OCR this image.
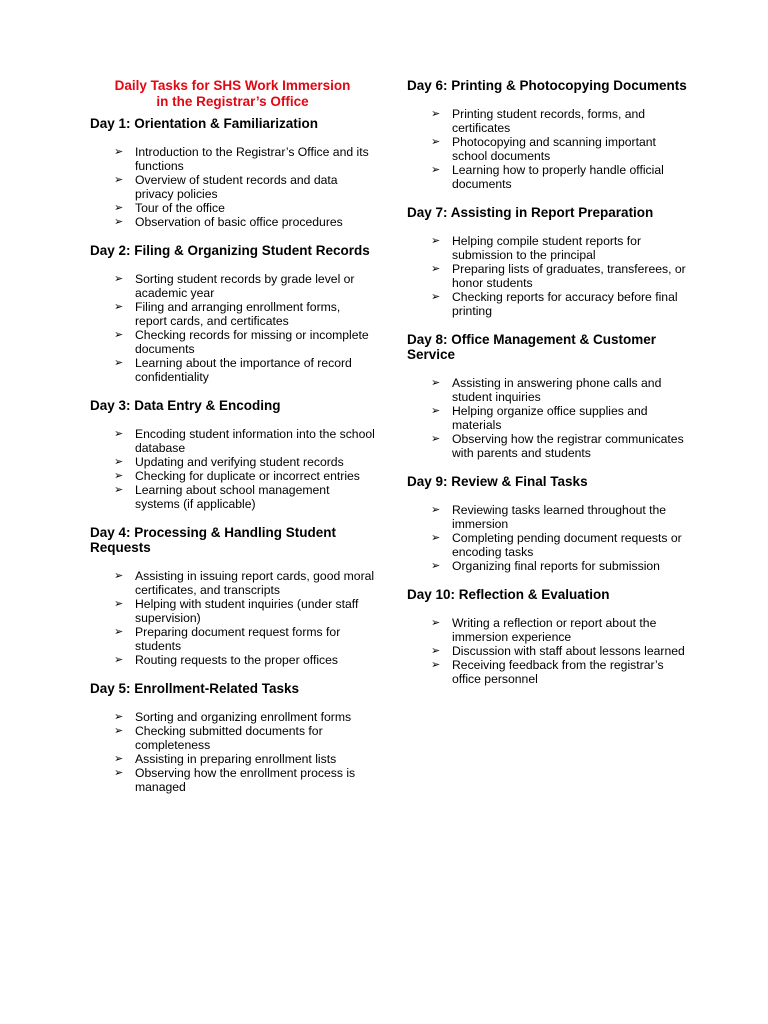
Daily Tasks for SHS Work Immersion
in the Registrar’s Office
Day 1: Orientation & Familiarization
➢ Introduction to the Registrar’s Office and its functions
➢ Overview of student records and data privacy policies
➢ Tour of the office
➢ Observation of basic office procedures
Day 2: Filing & Organizing Student Records
➢ Sorting student records by grade level or academic year
➢ Filing and arranging enrollment forms, report cards, and certificates
➢ Checking records for missing or incomplete documents
➢ Learning about the importance of record confidentiality
Day 3: Data Entry & Encoding
➢ Encoding student information into the school database
➢ Updating and verifying student records
➢ Checking for duplicate or incorrect entries
➢ Learning about school management systems (if applicable)
Day 4: Processing & Handling Student Requests
➢ Assisting in issuing report cards, good moral certificates, and transcripts
➢ Helping with student inquiries (under staff supervision)
➢ Preparing document request forms for students
➢ Routing requests to the proper offices
Day 5: Enrollment-Related Tasks
➢ Sorting and organizing enrollment forms
➢ Checking submitted documents for completeness
➢ Assisting in preparing enrollment lists
➢ Observing how the enrollment process is managed
Day 6: Printing & Photocopying Documents
➢ Printing student records, forms, and certificates
➢ Photocopying and scanning important school documents
➢ Learning how to properly handle official documents
Day 7: Assisting in Report Preparation
➢ Helping compile student reports for submission to the principal
➢ Preparing lists of graduates, transferees, or honor students
➢ Checking reports for accuracy before final printing
Day 8: Office Management & Customer Service
➢ Assisting in answering phone calls and student inquiries
➢ Helping organize office supplies and materials
➢ Observing how the registrar communicates with parents and students
Day 9: Review & Final Tasks
➢ Reviewing tasks learned throughout the immersion
➢ Completing pending document requests or encoding tasks
➢ Organizing final reports for submission
Day 10: Reflection & Evaluation
➢ Writing a reflection or report about the immersion experience
➢ Discussion with staff about lessons learned
➢ Receiving feedback from the registrar’s office personnel
